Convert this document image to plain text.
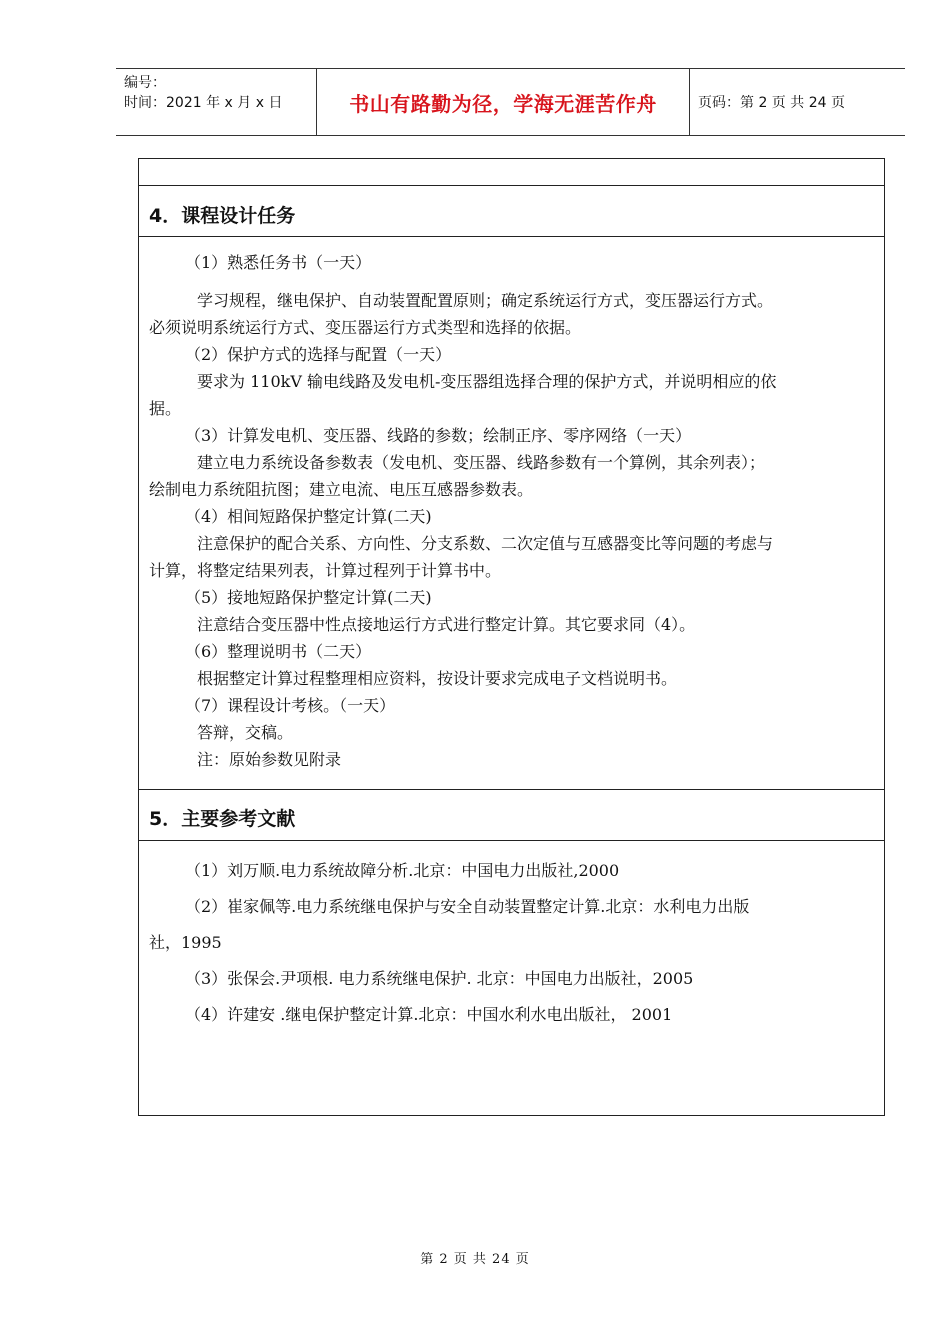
编号：
时间：2021 年 x 月 x 日	书山有路勤为径，学海无涯苦作舟	页码：第 2 页 共 24 页
4．课程设计任务

（1）熟悉任务书（一天）

学习规程，继电保护、自动装置配置原则；确定系统运行方式，变压器运行方式。

必须说明系统运行方式、变压器运行方式类型和选择的依据。

（2）保护方式的选择与配置（一天）

要求为 110kV 输电线路及发电机-变压器组选择合理的保护方式，并说明相应的依

据。

（3）计算发电机、变压器、线路的参数；绘制正序、零序网络（一天）

建立电力系统设备参数表（发电机、变压器、线路参数有一个算例，其余列表）；

绘制电力系统阻抗图；建立电流、电压互感器参数表。

（4）相间短路保护整定计算(二天)

注意保护的配合关系、方向性、分支系数、二次定值与互感器变比等问题的考虑与

计算，将整定结果列表，计算过程列于计算书中。

（5）接地短路保护整定计算(二天)

注意结合变压器中性点接地运行方式进行整定计算。其它要求同（4）。

（6）整理说明书（二天）

根据整定计算过程整理相应资料，按设计要求完成电子文档说明书。

（7）课程设计考核。（一天）

答辩，交稿。

注：原始参数见附录

5．主要参考文献

（1）刘万顺.电力系统故障分析.北京：中国电力出版社,2000

（2）崔家佩等.电力系统继电保护与安全自动装置整定计算.北京：水利电力出版

社，1995

（3）张保会.尹项根. 电力系统继电保护. 北京：中国电力出版社，2005

（4）许建安 .继电保护整定计算.北京：中国水利水电出版社， 2001

第 2 页 共 24 页
